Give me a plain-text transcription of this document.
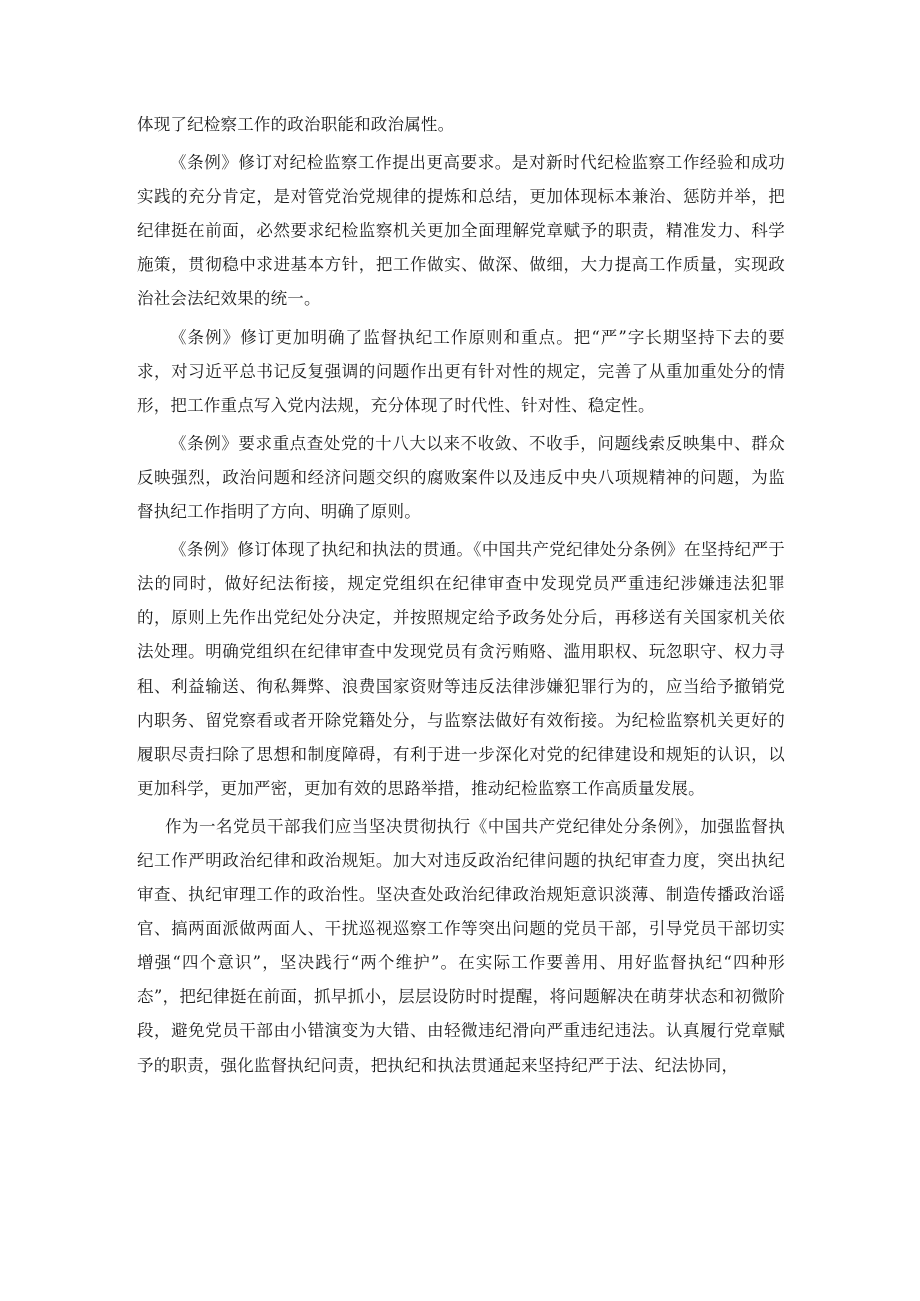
体现了纪检察工作的政治职能和政治属性。

《条例》修订对纪检监察工作提出更高要求。是对新时代纪检监察工作经验和成功实践的充分肯定，是对管党治党规律的提炼和总结，更加体现标本兼治、惩防并举，把纪律挺在前面，必然要求纪检监察机关更加全面理解党章赋予的职责，精准发力、科学施策，贯彻稳中求进基本方针，把工作做实、做深、做细，大力提高工作质量，实现政治社会法纪效果的统一。

《条例》修订更加明确了监督执纪工作原则和重点。把“严”字长期坚持下去的要求，对习近平总书记反复强调的问题作出更有针对性的规定，完善了从重加重处分的情形，把工作重点写入党内法规，充分体现了时代性、针对性、稳定性。

《条例》要求重点查处党的十八大以来不收敛、不收手，问题线索反映集中、群众反映强烈，政治问题和经济问题交织的腐败案件以及违反中央八项规精神的问题，为监督执纪工作指明了方向、明确了原则。

《条例》修订体现了执纪和执法的贯通。《中国共产党纪律处分条例》在坚持纪严于法的同时，做好纪法衔接，规定党组织在纪律审查中发现党员严重违纪涉嫌违法犯罪的，原则上先作出党纪处分决定，并按照规定给予政务处分后，再移送有关国家机关依法处理。明确党组织在纪律审查中发现党员有贪污贿赂、滥用职权、玩忽职守、权力寻租、利益输送、徇私舞弊、浪费国家资财等违反法律涉嫌犯罪行为的，应当给予撤销党内职务、留党察看或者开除党籍处分，与监察法做好有效衔接。为纪检监察机关更好的履职尽责扫除了思想和制度障碍，有利于进一步深化对党的纪律建设和规矩的认识，以更加科学，更加严密，更加有效的思路举措，推动纪检监察工作高质量发展。

作为一名党员干部我们应当坚决贯彻执行《中国共产党纪律处分条例》，加强监督执纪工作严明政治纪律和政治规矩。加大对违反政治纪律问题的执纪审查力度，突出执纪审查、执纪审理工作的政治性。坚决查处政治纪律政治规矩意识淡薄、制造传播政治谣官、搞两面派做两面人、干扰巡视巡察工作等突出问题的党员干部，引导党员干部切实增强“四个意识”，坚决践行“两个维护”。在实际工作要善用、用好监督执纪“四种形态”，把纪律挺在前面，抓早抓小，层层设防时时提醒，将问题解决在萌芽状态和初微阶段，避免党员干部由小错演变为大错、由轻微违纪滑向严重违纪违法。认真履行党章赋予的职责，强化监督执纪问责，把执纪和执法贯通起来坚持纪严于法、纪法协同，
